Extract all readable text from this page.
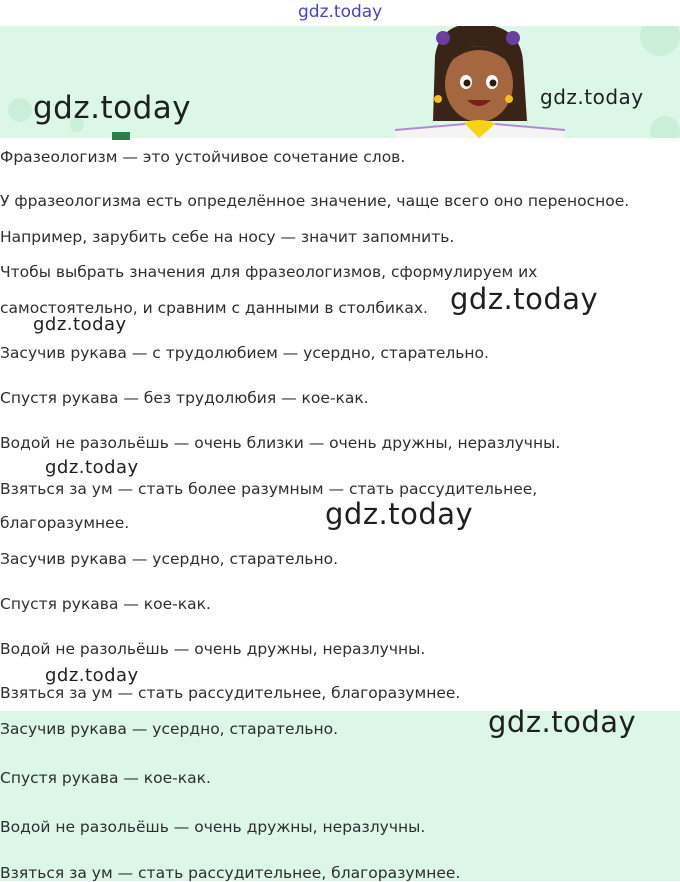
gdz.today
gdz.today	gdz.today
gdz.today
gdz.today
gdz.today
gdz.today
gdz.today
gdz.today
Фразеологизм — это устойчивое сочетание слов.
У фразеологизма есть определённое значение, чаще всего оно переносное.
Например, зарубить себе на носу — значит запомнить.
Чтобы выбрать значения для фразеологизмов, сформулируем их
самостоятельно, и сравним с данными в столбиках.
Засучив рукава — с трудолюбием — усердно, старательно.
Спустя рукава — без трудолюбия — кое-как.
Водой не разольёшь — очень близки — очень дружны, неразлучны.
Взяться за ум — стать более разумным — стать рассудительнее,
благоразумнее.
Засучив рукава — усердно, старательно.
Спустя рукава — кое-как.
Водой не разольёшь — очень дружны, неразлучны.
Взяться за ум — стать рассудительнее, благоразумнее.
Засучив рукава — усердно, старательно.
Спустя рукава — кое-как.
Водой не разольёшь — очень дружны, неразлучны.
Взяться за ум — стать рассудительнее, благоразумнее.
